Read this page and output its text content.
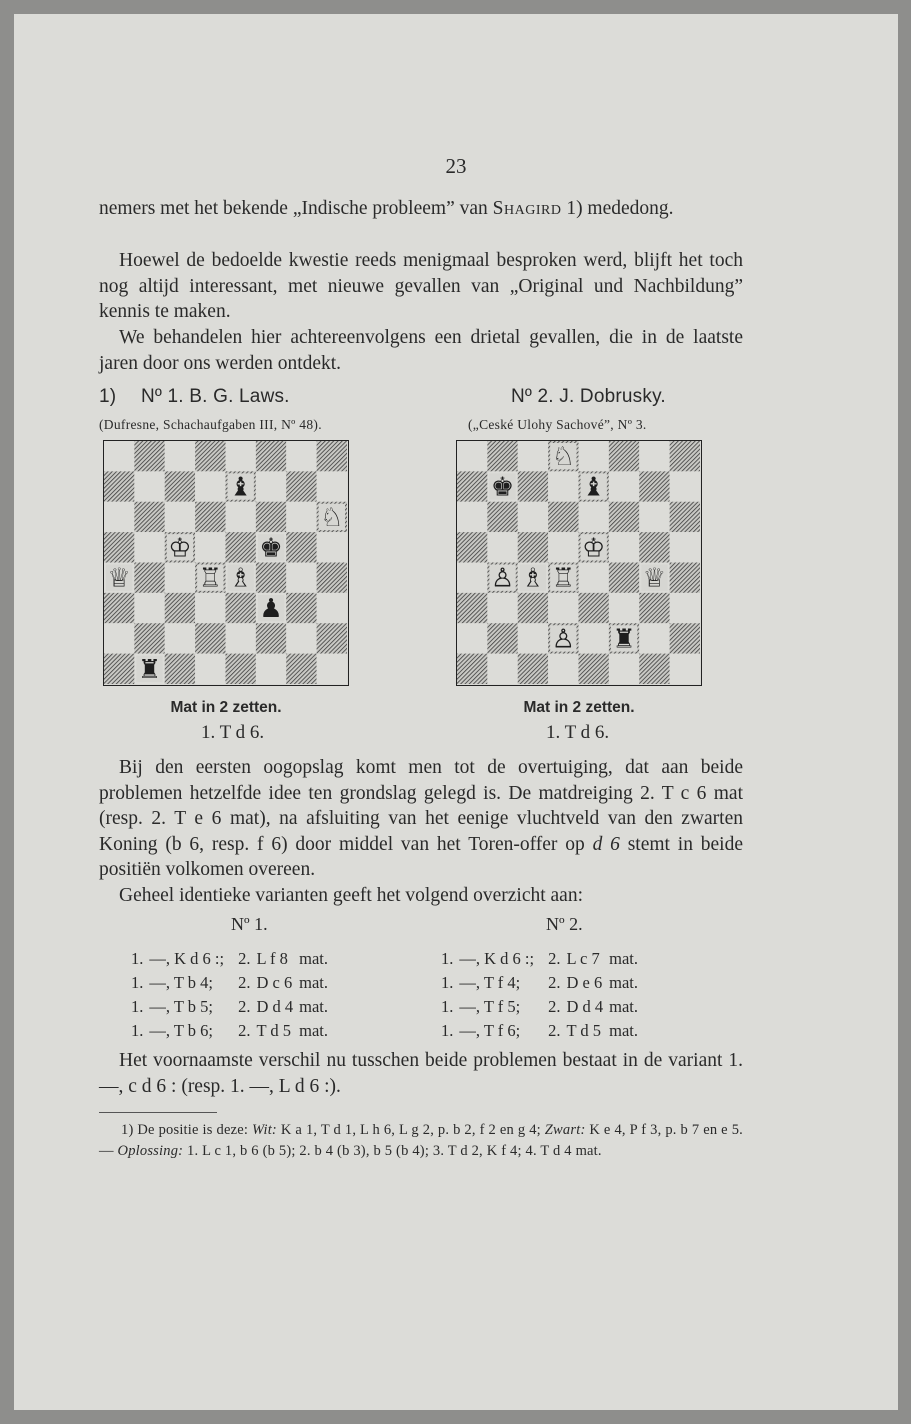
23

nemers met het bekende „Indische probleem” van Shagird 1) mededong.

Hoewel de bedoelde kwestie reeds menigmaal besproken werd, blijft het toch nog altijd interessant, met nieuwe gevallen van „Original und Nachbildung” kennis te maken.

We behandelen hier achtereenvolgens een drietal gevallen, die in de laatste jaren door ons werden ontdekt.

1) Nº 1. B. G. Laws.
(Dufresne, Schachaufgaben III, Nº 48).
Nº 2. J. Dobrusky.
(„Ceské Ulohy Sachové”, Nº 3.
♝
♘
♔	♚
♕	♖ ♗
♟
♜
♘
♚	♝
♔
♙ ♗ ♖	♕
♙ ♜
Mat in 2 zetten.	Mat in 2 zetten.
1. T d 6.	1. T d 6.

Bij den eersten oogopslag komt men tot de overtuiging, dat aan beide problemen hetzelfde idee ten grondslag gelegd is. De matdreiging 2. T c 6 mat (resp. 2. T e 6 mat), na afsluiting van het eenige vluchtveld van den zwarten Koning (b 6, resp. f 6) door middel van het Toren-offer op d 6 stemt in beide positiën volkomen overeen.

Geheel identieke varianten geeft het volgend overzicht aan:

Nº 1.	Nº 2.
1.	—, K d 6 :;	2.	L f 8	mat.
1.	—, T b 4;	2.	D c 6	mat.
1.	—, T b 5;	2.	D d 4	mat.
1.	—, T b 6;	2.	T d 5	mat.
1.	—, K d 6 :;	2.	L c 7	mat.
1.	—, T f 4;	2.	D e 6	mat.
1.	—, T f 5;	2.	D d 4	mat.
1.	—, T f 6;	2.	T d 5	mat.

Het voornaamste verschil nu tusschen beide problemen bestaat in de variant 1. —, c d 6 : (resp. 1. —, L d 6 :).

1) De positie is deze: Wit: K a 1, T d 1, L h 6, L g 2, p. b 2, f 2 en g 4; Zwart: K e 4, P f 3, p. b 7 en e 5. — Oplossing: 1. L c 1, b 6 (b 5); 2. b 4 (b 3), b 5 (b 4); 3. T d 2, K f 4; 4. T d 4 mat.
